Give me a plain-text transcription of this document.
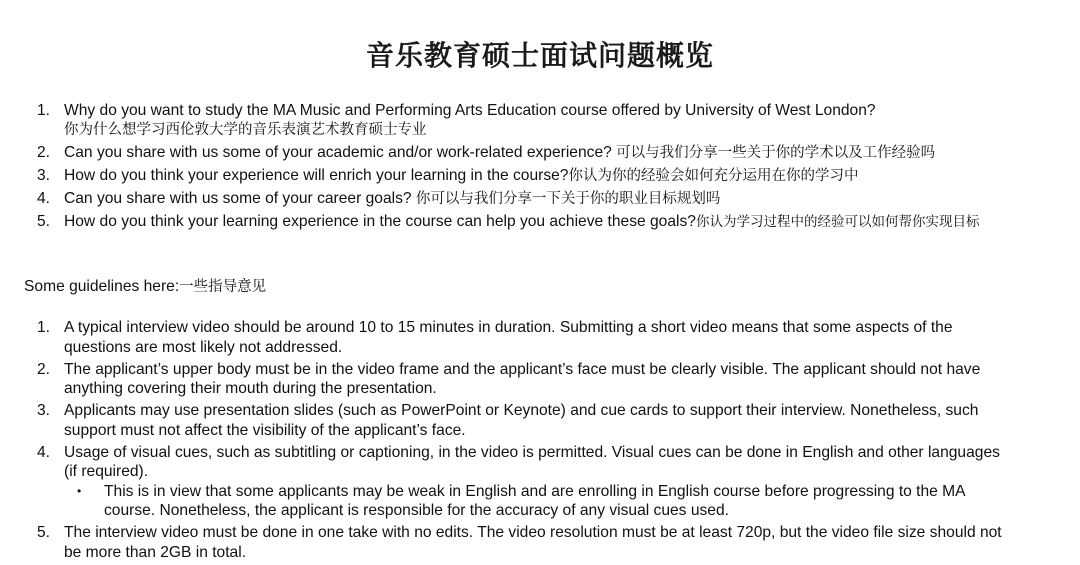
音乐教育硕士面试问题概览
1. Why do you want to study the MA Music and Performing Arts Education course offered by University of West London?
你为什么想学习西伦敦大学的音乐表演艺术教育硕士专业
2. Can you share with us some of your academic and/or work-related experience? 可以与我们分享一些关于你的学术以及工作经验吗
3. How do you think your experience will enrich your learning in the course?你认为你的经验会如何充分运用在你的学习中
4. Can you share with us some of your career goals? 你可以与我们分享一下关于你的职业目标规划吗
5. How do you think your learning experience in the course can help you achieve these goals?你认为学习过程中的经验可以如何帮你实现目标
Some guidelines here:一些指导意见
1. A typical interview video should be around 10 to 15 minutes in duration. Submitting a short video means that some aspects of the questions are most likely not addressed.
2. The applicant’s upper body must be in the video frame and the applicant’s face must be clearly visible. The applicant should not have anything covering their mouth during the presentation.
3. Applicants may use presentation slides (such as PowerPoint or Keynote) and cue cards to support their interview. Nonetheless, such support must not affect the visibility of the applicant’s face.
4. Usage of visual cues, such as subtitling or captioning, in the video is permitted. Visual cues can be done in English and other languages (if required).
• This is in view that some applicants may be weak in English and are enrolling in English course before progressing to the MA course. Nonetheless, the applicant is responsible for the accuracy of any visual cues used.
5. The interview video must be done in one take with no edits. The video resolution must be at least 720p, but the video file size should not be more than 2GB in total.
